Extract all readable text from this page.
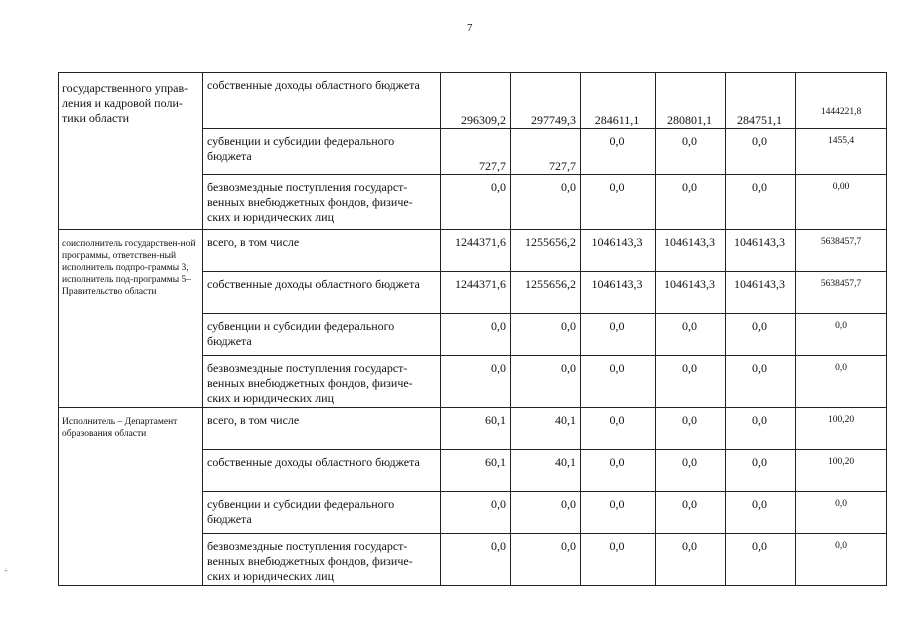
7
÷
государственного управ-ления и кадровой поли-тики области	собственные доходы областного бюджета	296309,2	297749,3	284611,1	280801,1	284751,1	1444221,8
	субвенции и субсидии федерального бюджета	727,7	727,7	0,0	0,0	0,0	1455,4
	безвозмездные поступления государст-венных внебюджетных фондов, физиче-ских и юридических лиц	0,0	0,0	0,0	0,0	0,0	0,00
соисполнитель государствен-ной программы, ответствен-ный исполнитель подпро-граммы 3, исполнитель под-программы 5– Правительство области	всего, в том числе	1244371,6	1255656,2	1046143,3	1046143,3	1046143,3	5638457,7
	собственные доходы областного бюджета	1244371,6	1255656,2	1046143,3	1046143,3	1046143,3	5638457,7
	субвенции и субсидии федерального бюджета	0,0	0,0	0,0	0,0	0,0	0,0
	безвозмездные поступления государст-венных внебюджетных фондов, физиче-ских и юридических лиц	0,0	0,0	0,0	0,0	0,0	0,0
Исполнитель – Департамент образования области	всего, в том числе	60,1	40,1	0,0	0,0	0,0	100,20
	собственные доходы областного бюджета	60,1	40,1	0,0	0,0	0,0	100,20
	субвенции и субсидии федерального бюджета	0,0	0,0	0,0	0,0	0,0	0,0
	безвозмездные поступления государст-венных внебюджетных фондов, физиче-ских и юридических лиц	0,0	0,0	0,0	0,0	0,0	0,0
